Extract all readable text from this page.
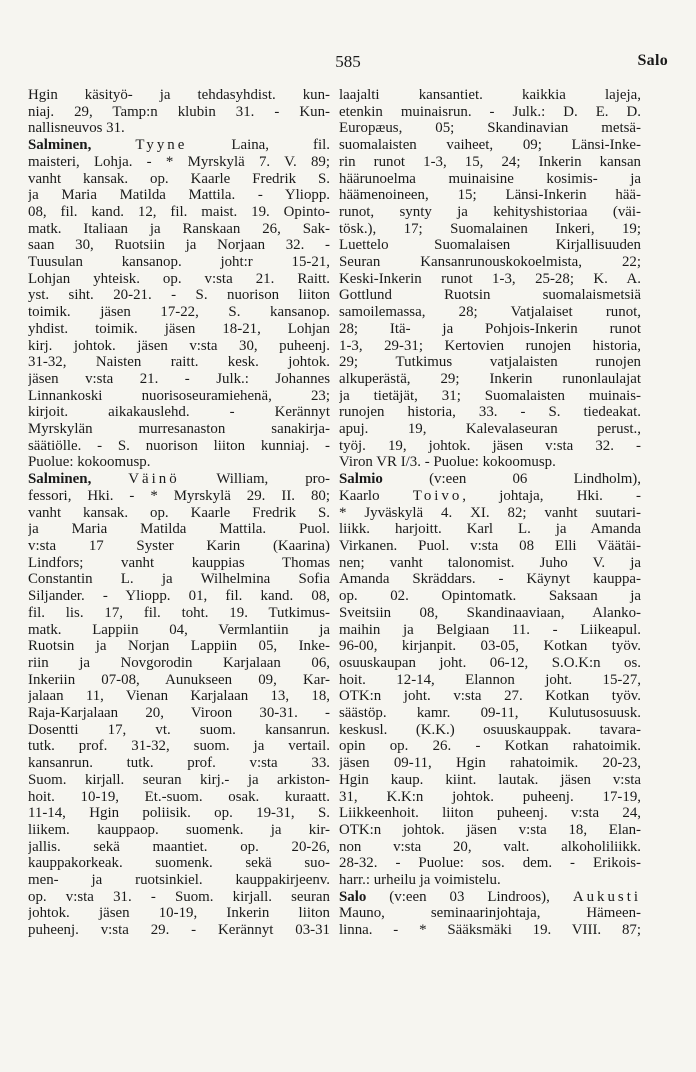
585	Salo
Hgin käsityö- ja tehdasyhdist. kun-
niaj. 29, Tamp:n klubin 31. - Kun-
nallisneuvos 31.
Salminen,	Tyyne Laina, fil.
maisteri, Lohja. - * Myrskylä 7. V. 89;
vanht kansak. op. Kaarle Fredrik S.
ja Maria Matilda Mattila. - Yliopp.
08, fil. kand. 12, fil. maist. 19. Opinto-
matk. Italiaan ja Ranskaan 26, Sak-
saan 30, Ruotsiin ja Norjaan 32. -
Tuusulan kansanop. joht:r 15-21,
Lohjan yhteisk. op. v:sta 21. Raitt.
yst. siht. 20-21. - S. nuorison liiton
toimik. jäsen 17-22, S. kansanop.
yhdist. toimik. jäsen 18-21, Lohjan
kirj. johtok. jäsen v:sta 30, puheenj.
31-32, Naisten raitt. kesk. johtok.
jäsen v:sta 21. - Julk.: Johannes
Linnankoski nuorisoseuramiehenä, 23;
kirjoit. aikakauslehd. - Kerännyt
Myrskylän murresanaston sanakirja-
säätiölle. - S. nuorison liiton kunniaj. -
Puolue: kokoomusp.
Salminen, Väinö William, pro-
fessori, Hki. - * Myrskylä 29. II. 80;
vanht kansak. op. Kaarle Fredrik S.
ja Maria Matilda Mattila. Puol.
v:sta 17 Syster Karin (Kaarina)
Lindfors; vanht kauppias Thomas
Constantin L. ja Wilhelmina Sofia
Siljander. - Yliopp. 01, fil. kand. 08,
fil. lis. 17, fil. toht. 19. Tutkimus-
matk. Lappiin 04, Vermlantiin ja
Ruotsin ja Norjan Lappiin 05, Inke-
riin ja Novgorodin Karjalaan 06,
Inkeriin 07-08, Aunukseen 09, Kar-
jalaan 11, Vienan Karjalaan 13, 18,
Raja-Karjalaan 20, Viroon 30-31. -
Dosentti 17, vt. suom. kansanrun.
tutk. prof. 31-32, suom. ja vertail.
kansanrun. tutk. prof. v:sta 33.
Suom. kirjall. seuran kirj.- ja arkiston-
hoit. 10-19, Et.-suom. osak. kuraatt.
11-14, Hgin poliisik. op. 19-31, S.
liikem. kauppaop. suomenk. ja kir-
jallis. sekä maantiet. op. 20-26,
kauppakorkeak. suomenk. sekä suo-
men- ja ruotsinkiel. kauppakirjeenv.
op. v:sta 31. - Suom. kirjall. seuran
johtok. jäsen 10-19, Inkerin liiton
puheenj. v:sta 29. - Kerännyt 03-31
laajalti kansantiet. kaikkia lajeja,
etenkin muinaisrun. - Julk.: D. E. D.
Europæus, 05; Skandinavian metsä-
suomalaisten vaiheet, 09; Länsi-Inke-
rin runot 1-3, 15, 24; Inkerin kansan
häärunoelma muinaisine kosimis- ja
häämenoineen, 15; Länsi-Inkerin hää-
runot, synty ja kehityshistoriaa (väi-
tösk.), 17; Suomalainen Inkeri, 19;
Luettelo Suomalaisen Kirjallisuuden
Seuran Kansanrunouskokoelmista, 22;
Keski-Inkerin runot 1-3, 25-28; K. A.
Gottlund Ruotsin suomalaismetsiä
samoilemassa, 28; Vatjalaiset runot,
28; Itä- ja Pohjois-Inkerin runot
1-3, 29-31; Kertovien runojen historia,
29; Tutkimus vatjalaisten runojen
alkuperästä, 29; Inkerin runonlaulajat
ja tietäjät, 31; Suomalaisten muinais-
runojen historia, 33. - S. tiedeakat.
apuj. 19, Kalevalaseuran perust.,
työj. 19, johtok. jäsen v:sta 32. -
Viron VR I/3. - Puolue: kokoomusp.
Salmio (v:een 06 Lindholm),
Kaarlo Toivo, johtaja, Hki. -
* Jyväskylä 4. XI. 82; vanht suutari-
liikk. harjoitt. Karl L. ja Amanda
Virkanen. Puol. v:sta 08 Elli Väätäi-
nen; vanht talonomist. Juho V. ja
Amanda Skräddars. - Käynyt kauppa-
op. 02. Opintomatk. Saksaan ja
Sveitsiin 08, Skandinaaviaan, Alanko-
maihin ja Belgiaan 11. - Liikeapul.
96-00, kirjanpit. 03-05, Kotkan työv.
osuuskaupan joht. 06-12, S.O.K:n os.
hoit. 12-14, Elannon joht. 15-27,
OTK:n joht. v:sta 27. Kotkan työv.
säästöp. kamr. 09-11, Kulutusosuusk.
keskusl. (K.K.) osuuskauppak. tavara-
opin op. 26. - Kotkan rahatoimik.
jäsen 09-11, Hgin rahatoimik. 20-23,
Hgin kaup. kiint. lautak. jäsen v:sta
31, K.K:n johtok. puheenj. 17-19,
Liikkeenhoit. liiton puheenj. v:sta 24,
OTK:n johtok. jäsen v:sta 18, Elan-
non v:sta 20, valt. alkoholiliikk.
28-32. - Puolue: sos. dem. - Erikois-
harr.: urheilu ja voimistelu.
Salo (v:een 03 Lindroos), Aukusti
Mauno, seminaarinjohtaja, Hämeen-
linna. - * Sääksmäki 19. VIII. 87;
